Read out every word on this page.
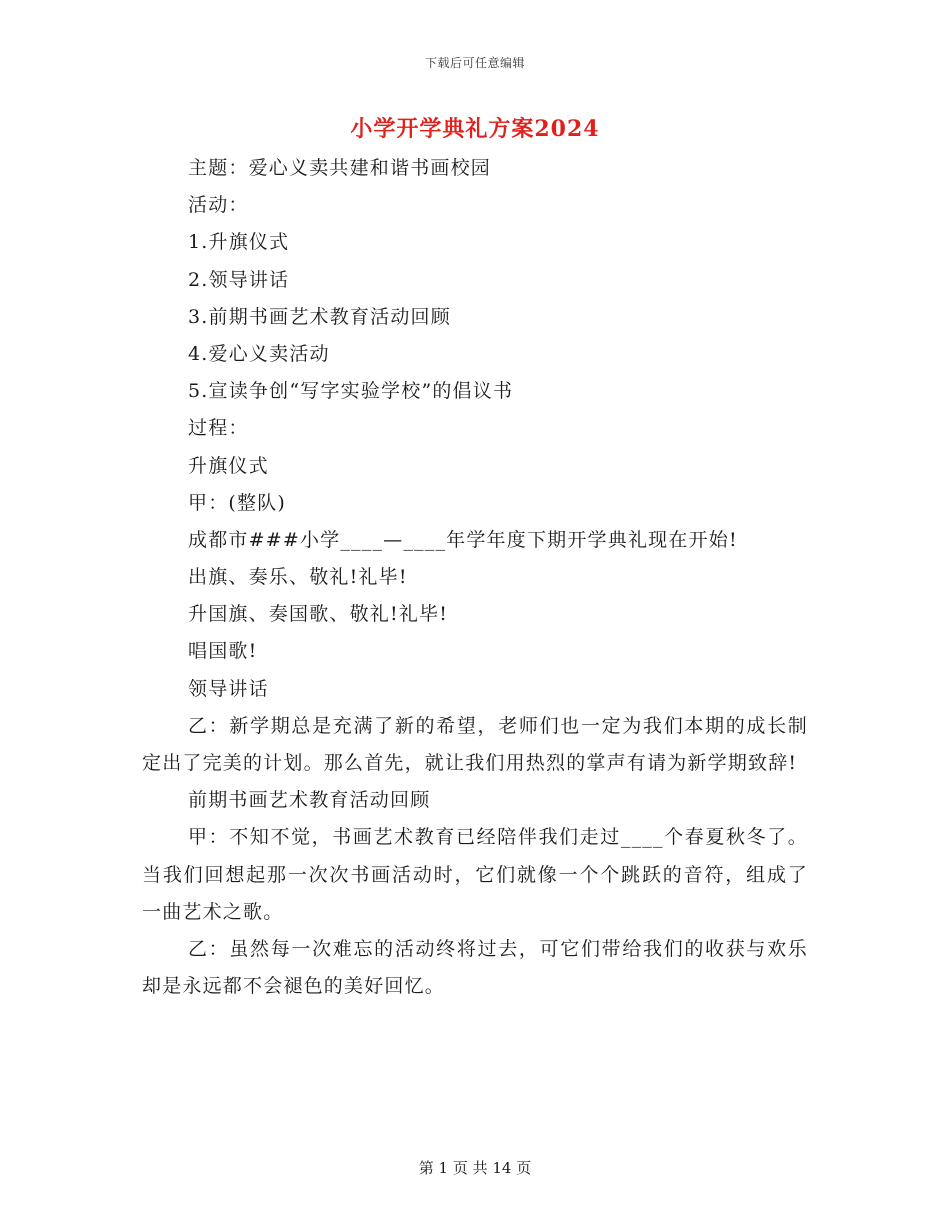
下载后可任意编辑
小学开学典礼方案2024
主题：爱心义卖共建和谐书画校园
活动：
1.升旗仪式
2.领导讲话
3.前期书画艺术教育活动回顾
4.爱心义卖活动
5.宣读争创“写字实验学校”的倡议书
过程：
升旗仪式
甲：(整队)
成都市###小学____—____年学年度下期开学典礼现在开始!
出旗、奏乐、敬礼!礼毕!
升国旗、奏国歌、敬礼!礼毕!
唱国歌!
领导讲话

乙：新学期总是充满了新的希望，老师们也一定为我们本期的成长制定出了完美的计划。那么首先，就让我们用热烈的掌声有请为新学期致辞!

前期书画艺术教育活动回顾

甲：不知不觉，书画艺术教育已经陪伴我们走过____个春夏秋冬了。当我们回想起那一次次书画活动时，它们就像一个个跳跃的音符，组成了一曲艺术之歌。

乙：虽然每一次难忘的活动终将过去，可它们带给我们的收获与欢乐却是永远都不会褪色的美好回忆。

第 1 页 共 14 页
